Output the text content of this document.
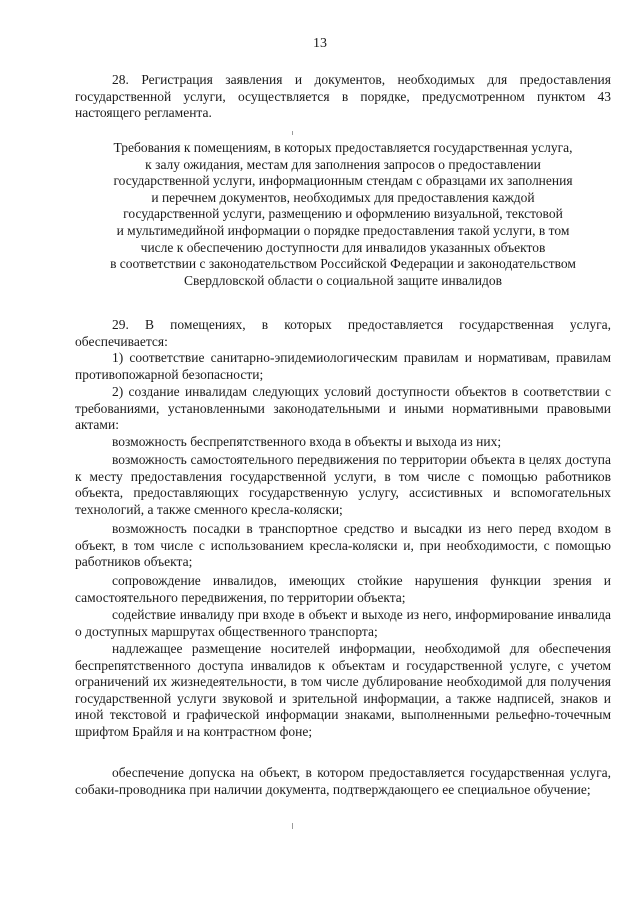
13

28. Регистрация заявления и документов, необходимых для предоставления государственной услуги, осуществляется в порядке, предусмотренном пунктом 43 настоящего регламента.

Требования к помещениям, в которых предоставляется государственная услуга,
к залу ожидания, местам для заполнения запросов о предоставлении
государственной услуги, информационным стендам с образцами их заполнения
и перечнем документов, необходимых для предоставления каждой
государственной услуги, размещению и оформлению визуальной, текстовой
и мультимедийной информации о порядке предоставления такой услуги, в том
числе к обеспечению доступности для инвалидов указанных объектов
в соответствии с законодательством Российской Федерации и законодательством
Свердловской области о социальной защите инвалидов

29. В помещениях, в которых предоставляется государственная услуга, обеспечивается:

1) соответствие санитарно-эпидемиологическим правилам и нормативам, правилам противопожарной безопасности;

2) создание инвалидам следующих условий доступности объектов в соответствии с требованиями, установленными законодательными и иными нормативными правовыми актами:

возможность беспрепятственного входа в объекты и выхода из них;

возможность самостоятельного передвижения по территории объекта в целях доступа к месту предоставления государственной услуги, в том числе с помощью работников объекта, предоставляющих государственную услугу, ассистивных и вспомогательных технологий, а также сменного кресла-коляски;

возможность посадки в транспортное средство и высадки из него перед входом в объект, в том числе с использованием кресла-коляски и, при необходимости, с помощью работников объекта;

сопровождение инвалидов, имеющих стойкие нарушения функции зрения и самостоятельного передвижения, по территории объекта;

содействие инвалиду при входе в объект и выходе из него, информирование инвалида о доступных маршрутах общественного транспорта;

надлежащее размещение носителей информации, необходимой для обеспечения беспрепятственного доступа инвалидов к объектам и государственной услуге, с учетом ограничений их жизнедеятельности, в том числе дублирование необходимой для получения государственной услуги звуковой и зрительной информации, а также надписей, знаков и иной текстовой и графической информации знаками, выполненными рельефно-точечным шрифтом Брайля и на контрастном фоне;

обеспечение допуска на объект, в котором предоставляется государственная услуга, собаки-проводника при наличии документа, подтверждающего ее специальное обучение;
